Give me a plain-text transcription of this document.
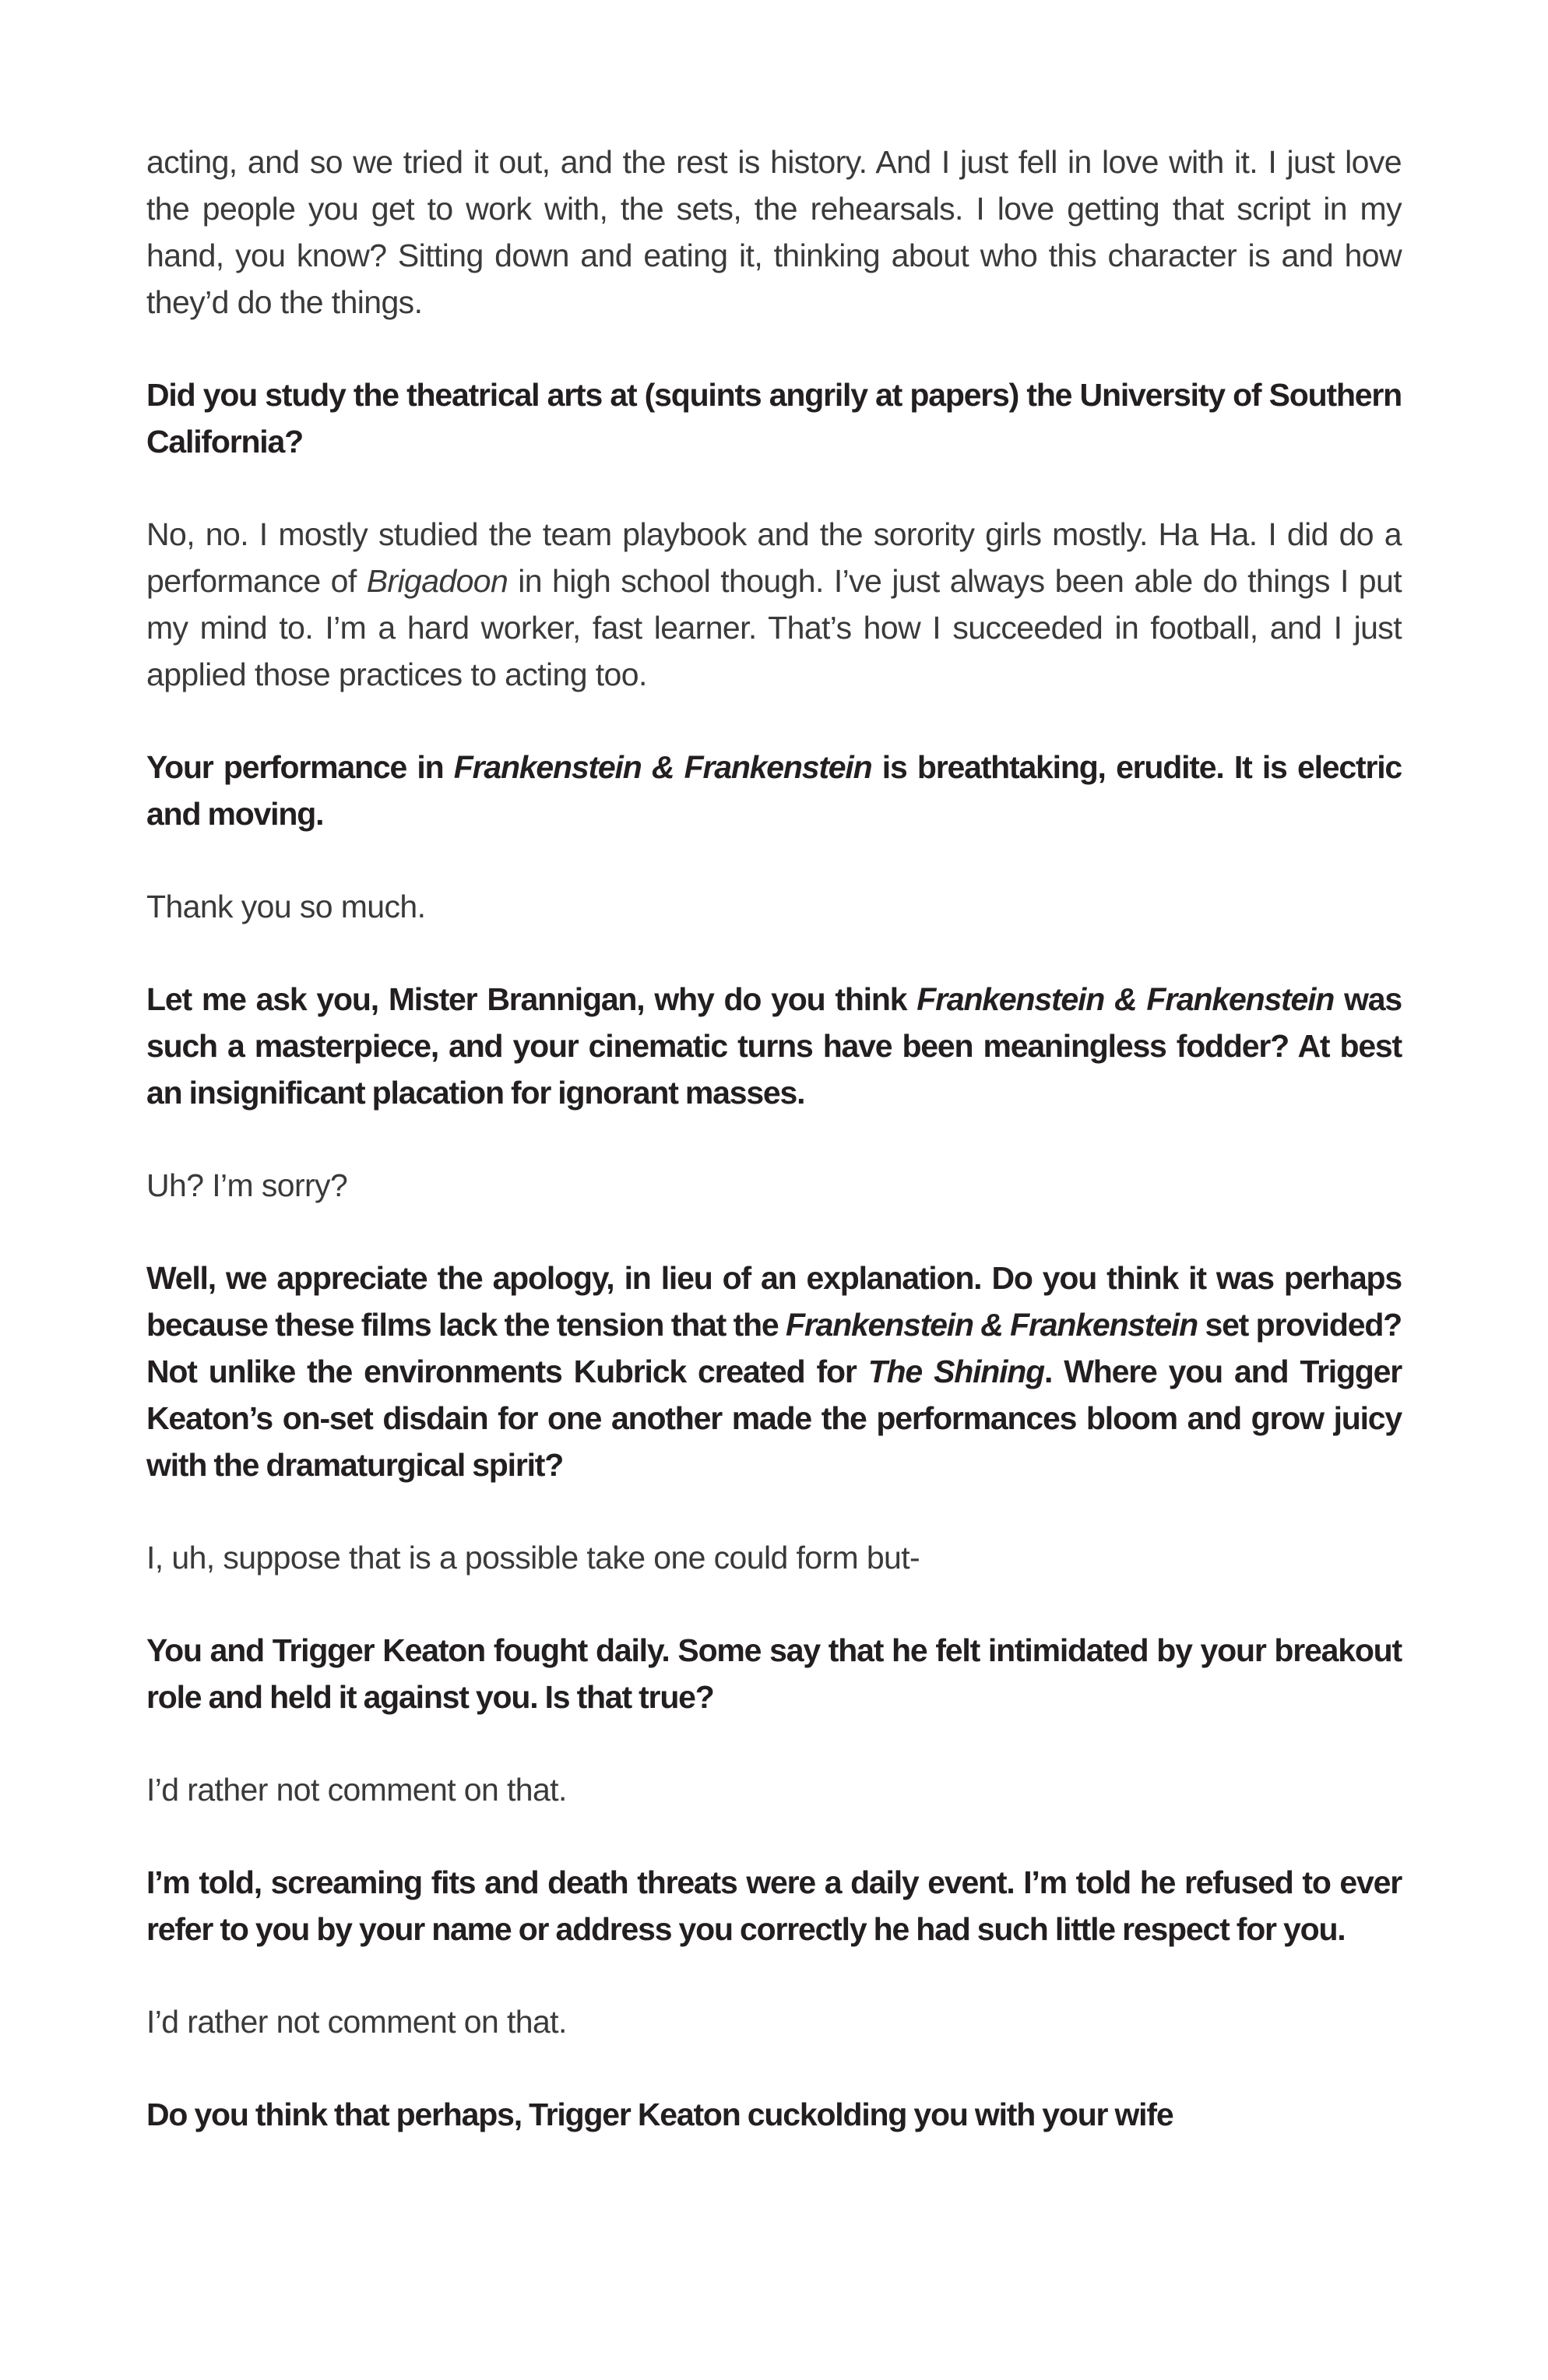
acting, and so we tried it out, and the rest is history. And I just fell in love with it. I just love the people you get to work with, the sets, the rehearsals. I love getting that script in my hand, you know? Sitting down and eating it, thinking about who this character is and how they’d do the things.

Did you study the theatrical arts at (squints angrily at papers) the University of Southern California?

No, no. I mostly studied the team playbook and the sorority girls mostly. Ha Ha. I did do a performance of Brigadoon in high school though. I’ve just always been able do things I put my mind to. I’m a hard worker, fast learner. That’s how I succeeded in football, and I just applied those practices to acting too.

Your performance in Frankenstein & Frankenstein is breathtaking, erudite. It is electric and moving.

Thank you so much.

Let me ask you, Mister Brannigan, why do you think Frankenstein & Frankenstein was such a masterpiece, and your cinematic turns have been meaningless fodder? At best an insignificant placation for ignorant masses.

Uh? I’m sorry?

Well, we appreciate the apology, in lieu of an explanation. Do you think it was perhaps because these films lack the tension that the Frankenstein & Frankenstein set provided? Not unlike the environments Kubrick created for The Shining. Where you and Trigger Keaton’s on-set disdain for one another made the performances bloom and grow juicy with the dramaturgical spirit?

I, uh, suppose that is a possible take one could form but-

You and Trigger Keaton fought daily. Some say that he felt intimidated by your breakout role and held it against you. Is that true?

I’d rather not comment on that.

I’m told, screaming fits and death threats were a daily event. I’m told he refused to ever refer to you by your name or address you correctly he had such little respect for you.

I’d rather not comment on that.

Do you think that perhaps, Trigger Keaton cuckolding you with your wife
